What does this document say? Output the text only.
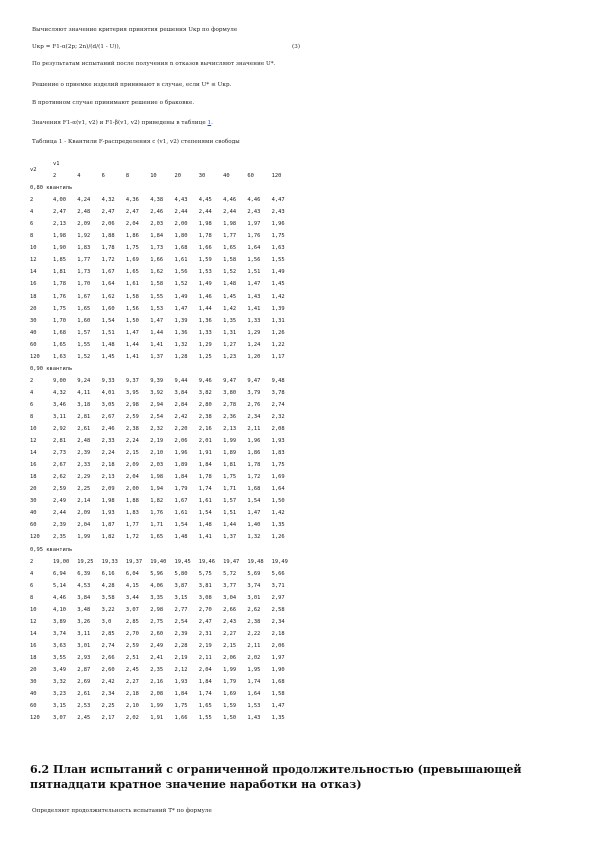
Вычисляют значение критерия принятия решения Uкр по формуле
Uкр = F1-α(2p; 2n)/(d/(1 - U)),	(3)
По результатам испытаний после получения n отказов вычисляют значение U*.
Решение о приемке изделий принимают в случае, если U* ≤ Uкр.
В противном случае принимают решение о браковке.
Значения F1-α(v1, v2) и F1-β(v1, v2) приведены в таблице 1.
Таблица 1 - Квантили F-распределения с (v1, v2) степенями свободы
v2	v1									
	2	4	6	8	10	20	30	40	60	120
0,80 квантиль										
2	4,00	4,24	4,32	4,36	4,38	4,43	4,45	4,46	4,46	4,47
4	2,47	2,48	2,47	2,47	2,46	2,44	2,44	2,44	2,43	2,43
6	2,13	2,09	2,06	2,04	2,03	2,00	1,98	1,98	1,97	1,96
8	1,98	1,92	1,88	1,86	1,84	1,80	1,78	1,77	1,76	1,75
10	1,90	1,83	1,78	1,75	1,73	1,68	1,66	1,65	1,64	1,63
12	1,85	1,77	1,72	1,69	1,66	1,61	1,59	1,58	1,56	1,55
14	1,81	1,73	1,67	1,65	1,62	1,56	1,53	1,52	1,51	1,49
16	1,78	1,70	1,64	1,61	1,58	1,52	1,49	1,48	1,47	1,45
18	1,76	1,67	1,62	1,58	1,55	1,49	1,46	1,45	1,43	1,42
20	1,75	1,65	1,60	1,56	1,53	1,47	1,44	1,42	1,41	1,39
30	1,70	1,60	1,54	1,50	1,47	1,39	1,36	1,35	1,33	1,31
40	1,68	1,57	1,51	1,47	1,44	1,36	1,33	1,31	1,29	1,26
60	1,65	1,55	1,48	1,44	1,41	1,32	1,29	1,27	1,24	1,22
120	1,63	1,52	1,45	1,41	1,37	1,28	1,25	1,23	1,20	1,17
0,90 квантиль										
2	9,00	9,24	9,33	9,37	9,39	9,44	9,46	9,47	9,47	9,48
4	4,32	4,11	4,01	3,95	3,92	3,84	3,82	3,80	3,79	3,78
6	3,46	3,18	3,05	2,98	2,94	2,84	2,80	2,78	2,76	2,74
8	3,11	2,81	2,67	2,59	2,54	2,42	2,38	2,36	2,34	2,32
10	2,92	2,61	2,46	2,38	2,32	2,20	2,16	2,13	2,11	2,08
12	2,81	2,48	2,33	2,24	2,19	2,06	2,01	1,99	1,96	1,93
14	2,73	2,39	2,24	2,15	2,10	1,96	1,91	1,89	1,86	1,83
16	2,67	2,33	2,18	2,09	2,03	1,89	1,84	1,81	1,78	1,75
18	2,62	2,29	2,13	2,04	1,98	1,84	1,78	1,75	1,72	1,69
20	2,59	2,25	2,09	2,00	1,94	1,79	1,74	1,71	1,68	1,64
30	2,49	2,14	1,98	1,88	1,82	1,67	1,61	1,57	1,54	1,50
40	2,44	2,09	1,93	1,83	1,76	1,61	1,54	1,51	1,47	1,42
60	2,39	2,04	1,87	1,77	1,71	1,54	1,48	1,44	1,40	1,35
120	2,35	1,99	1,82	1,72	1,65	1,48	1,41	1,37	1,32	1,26
0,95 квантиль										
2	19,00	19,25	19,33	19,37	19,40	19,45	19,46	19,47	19,48	19,49
4	6,94	6,39	6,16	6,04	5,96	5,80	5,75	5,72	5,69	5,66
6	5,14	4,53	4,28	4,15	4,06	3,87	3,81	3,77	3,74	3,71
8	4,46	3,84	3,58	3,44	3,35	3,15	3,08	3,04	3,01	2,97
10	4,10	3,48	3,22	3,07	2,98	2,77	2,70	2,66	2,62	2,58
12	3,89	3,26	3,0	2,85	2,75	2,54	2,47	2,43	2,38	2,34
14	3,74	3,11	2,85	2,70	2,60	2,39	2,31	2,27	2,22	2,18
16	3,63	3,01	2,74	2,59	2,49	2,28	2,19	2,15	2,11	2,06
18	3,55	2,93	2,66	2,51	2,41	2,19	2,11	2,06	2,02	1,97
20	3,49	2,87	2,60	2,45	2,35	2,12	2,04	1,99	1,95	1,90
30	3,32	2,69	2,42	2,27	2,16	1,93	1,84	1,79	1,74	1,68
40	3,23	2,61	2,34	2,18	2,08	1,84	1,74	1,69	1,64	1,58
60	3,15	2,53	2,25	2,10	1,99	1,75	1,65	1,59	1,53	1,47
120	3,07	2,45	2,17	2,02	1,91	1,66	1,55	1,50	1,43	1,35
6.2 План испытаний с ограниченной продолжительностью (превышающей пятнадцати кратное значение наработки на отказ)
Определяют продолжительность испытаний T* по формуле
